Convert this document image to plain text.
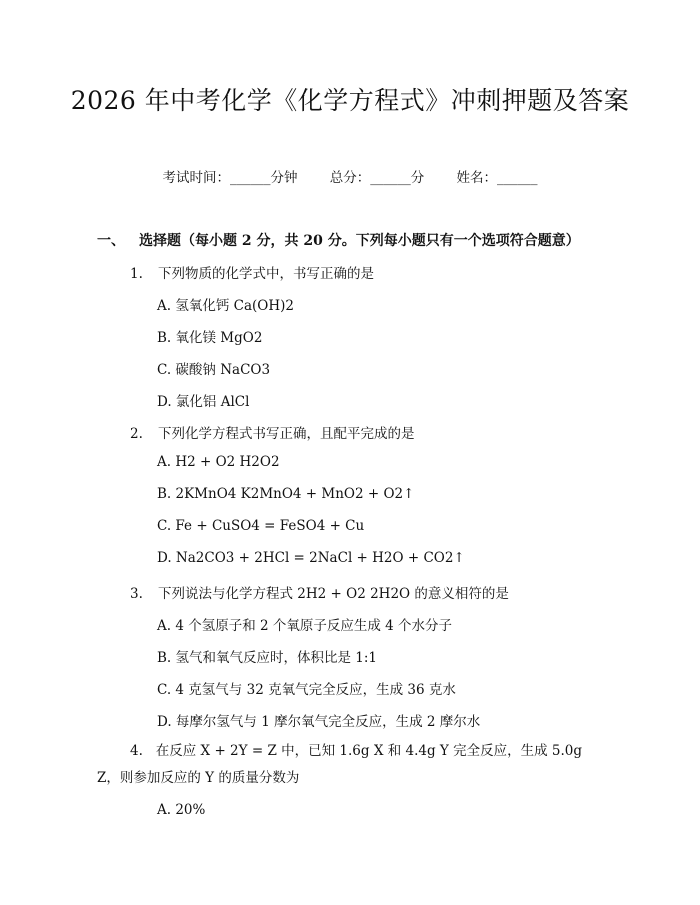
2026 年中考化学《化学方程式》冲刺押题及答案
考试时间：______分钟 总分：______分 姓名：______
一、 选择题（每小题 2 分，共 20 分。下列每小题只有一个选项符合题意）
1. 下列物质的化学式中，书写正确的是
A. 氢氧化钙 Ca(OH)2
B. 氧化镁 MgO2
C. 碳酸钠 NaCO3
D. 氯化铝 AlCl
2. 下列化学方程式书写正确，且配平完成的是
A. H2 + O2 H2O2
B. 2KMnO4 K2MnO4 + MnO2 + O2↑
C. Fe + CuSO4 = FeSO4 + Cu
D. Na2CO3 + 2HCl = 2NaCl + H2O + CO2↑
3. 下列说法与化学方程式 2H2 + O2 2H2O 的意义相符的是
A. 4 个氢原子和 2 个氧原子反应生成 4 个水分子
B. 氢气和氧气反应时，体积比是 1:1
C. 4 克氢气与 32 克氧气完全反应，生成 36 克水
D. 每摩尔氢气与 1 摩尔氧气完全反应，生成 2 摩尔水
4. 在反应 X + 2Y = Z 中，已知 1.6g X 和 4.4g Y 完全反应，生成 5.0g Z，则参加反应的 Y 的质量分数为
A. 20%
